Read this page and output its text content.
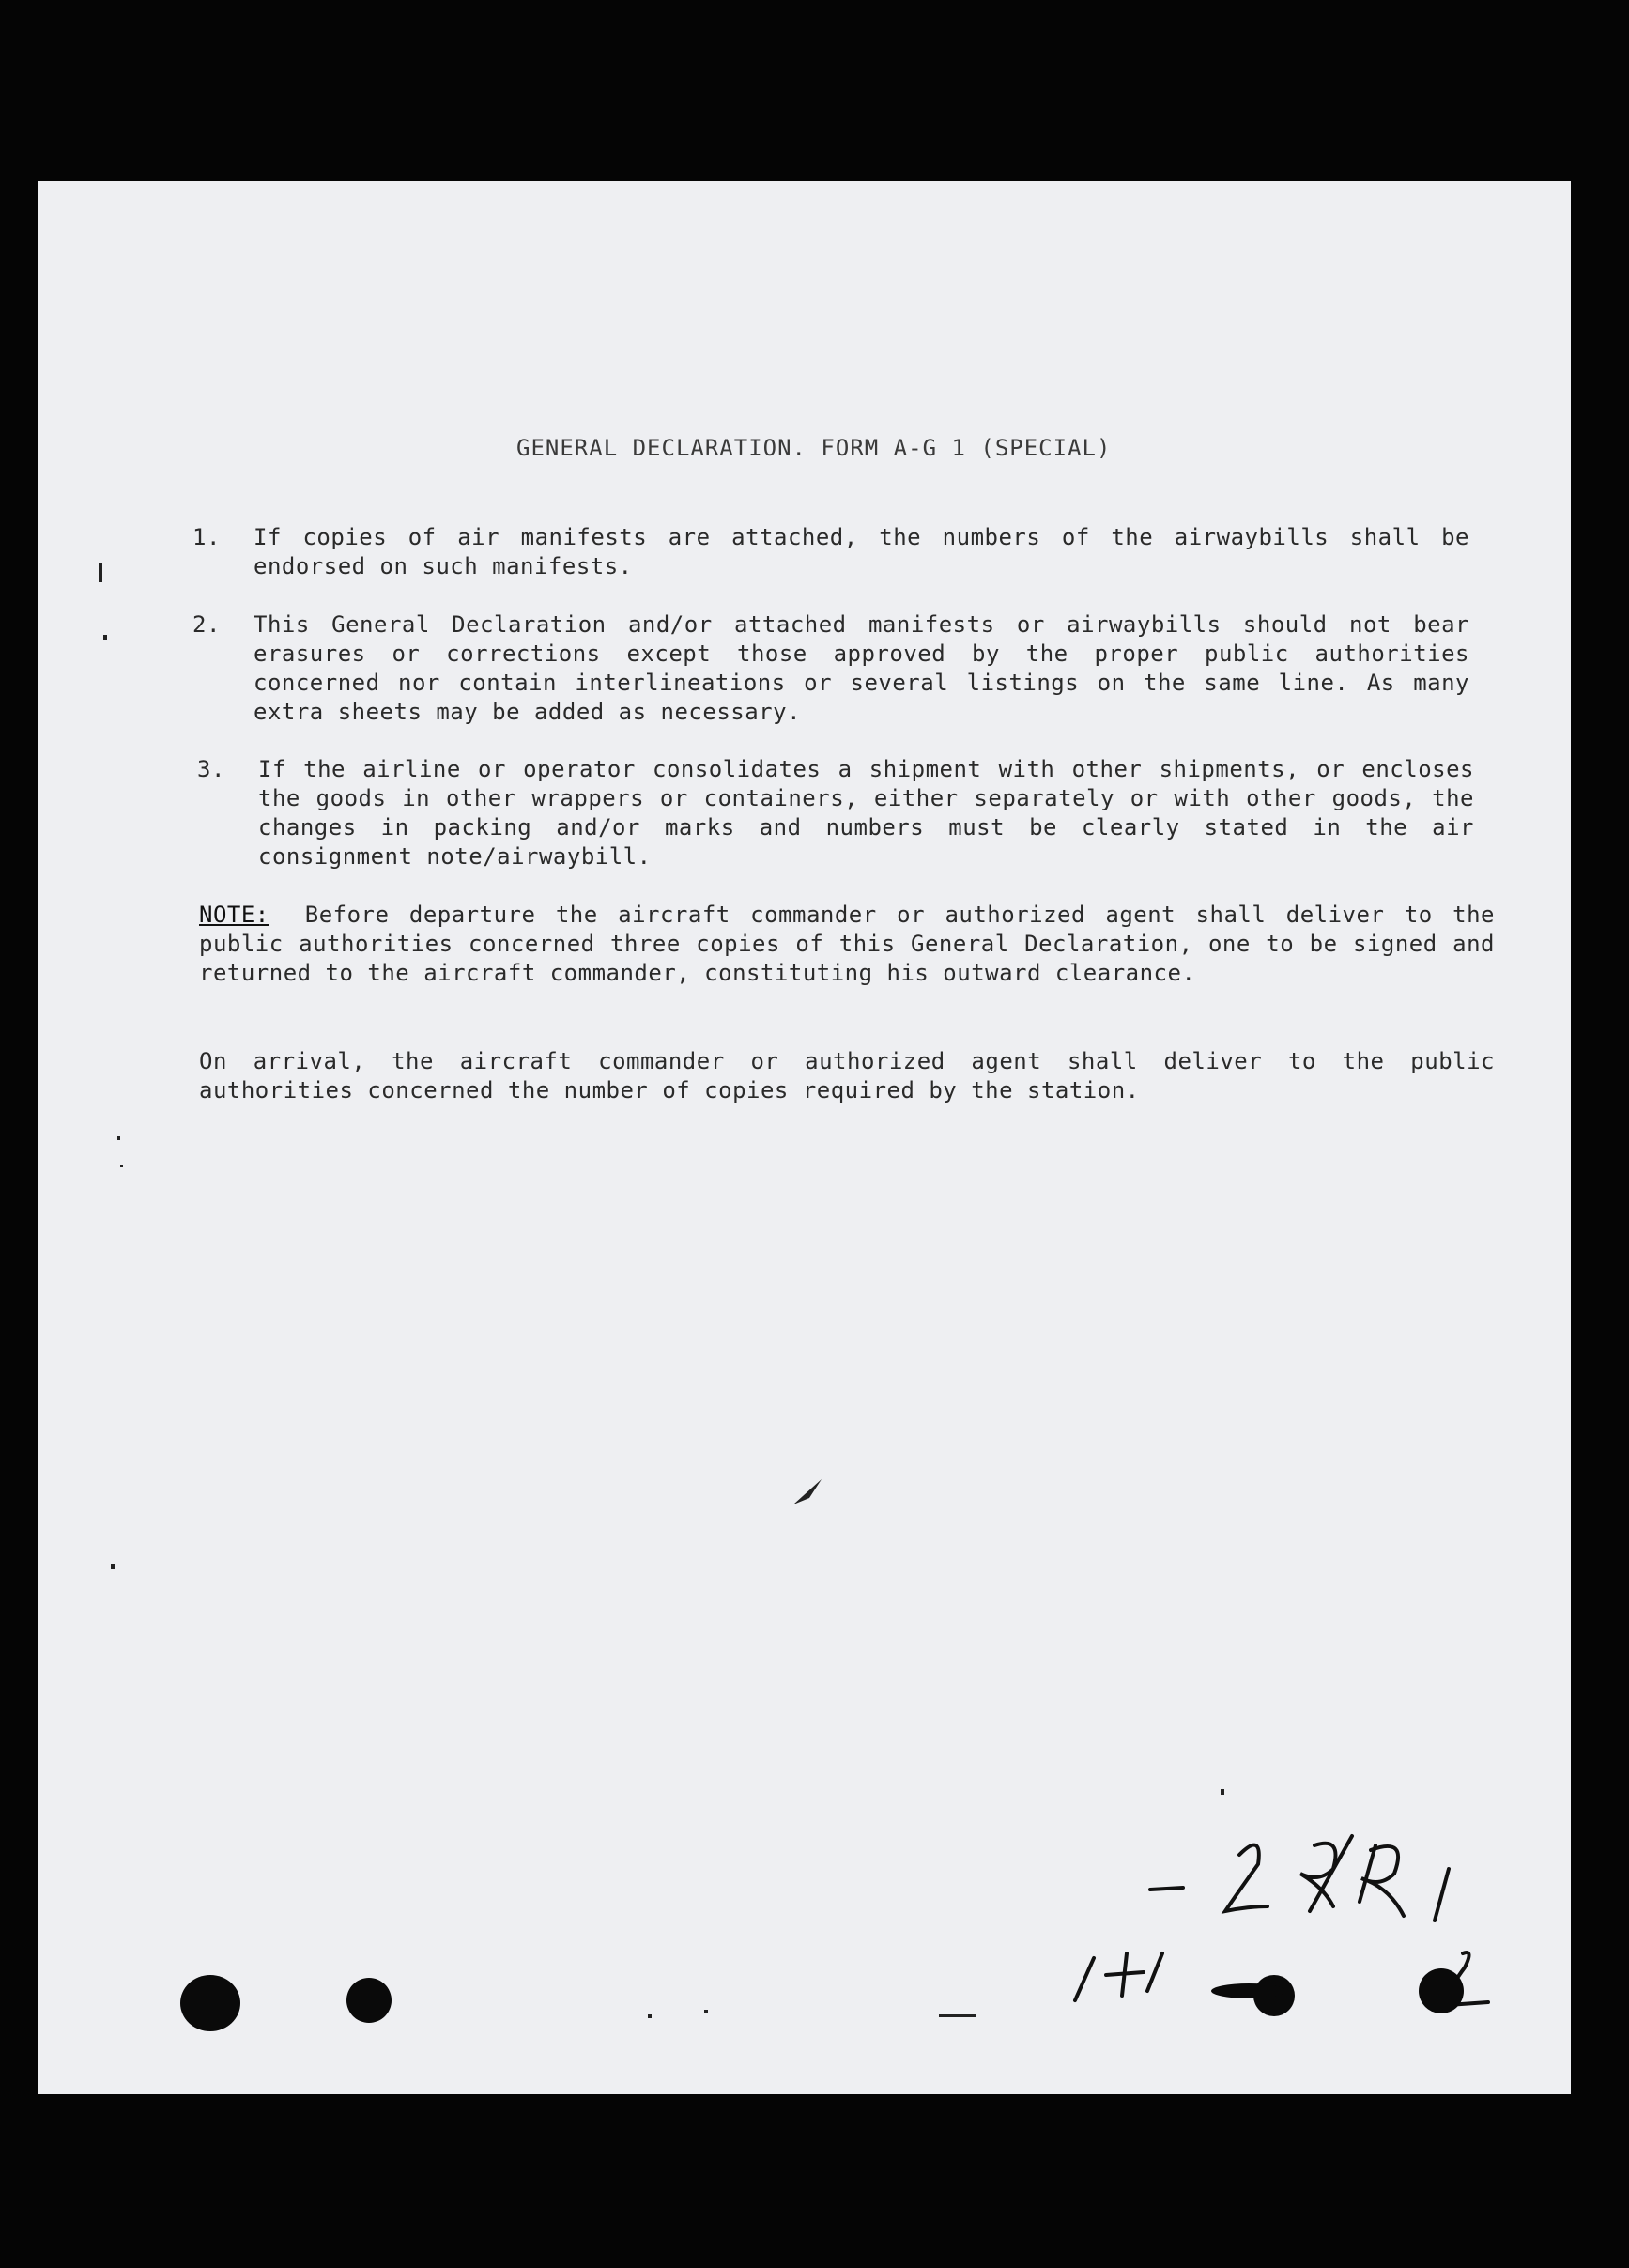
GENERAL DECLARATION. FORM A-G 1 (SPECIAL)
1.	If copies of air manifests are attached, the numbers of the airwaybills shall be endorsed on such manifests.
2.	This General Declaration and/or attached manifests or airwaybills should not bear erasures or corrections except those approved by the proper public authorities concerned nor contain interlineations or several listings on the same line. As many extra sheets may be added as necessary.
3.	If the airline or operator consolidates a shipment with other shipments, or encloses the goods in other wrappers or containers, either separately or with other goods, the changes in packing and/or marks and numbers must be clearly stated in the air consignment note/airwaybill.
NOTE: Before departure the aircraft commander or authorized agent shall deliver to the public authorities concerned three copies of this General Declaration, one to be signed and returned to the aircraft commander, constituting his outward clearance.
On arrival, the aircraft commander or authorized agent shall deliver to the public authorities concerned the number of copies required by the station.
